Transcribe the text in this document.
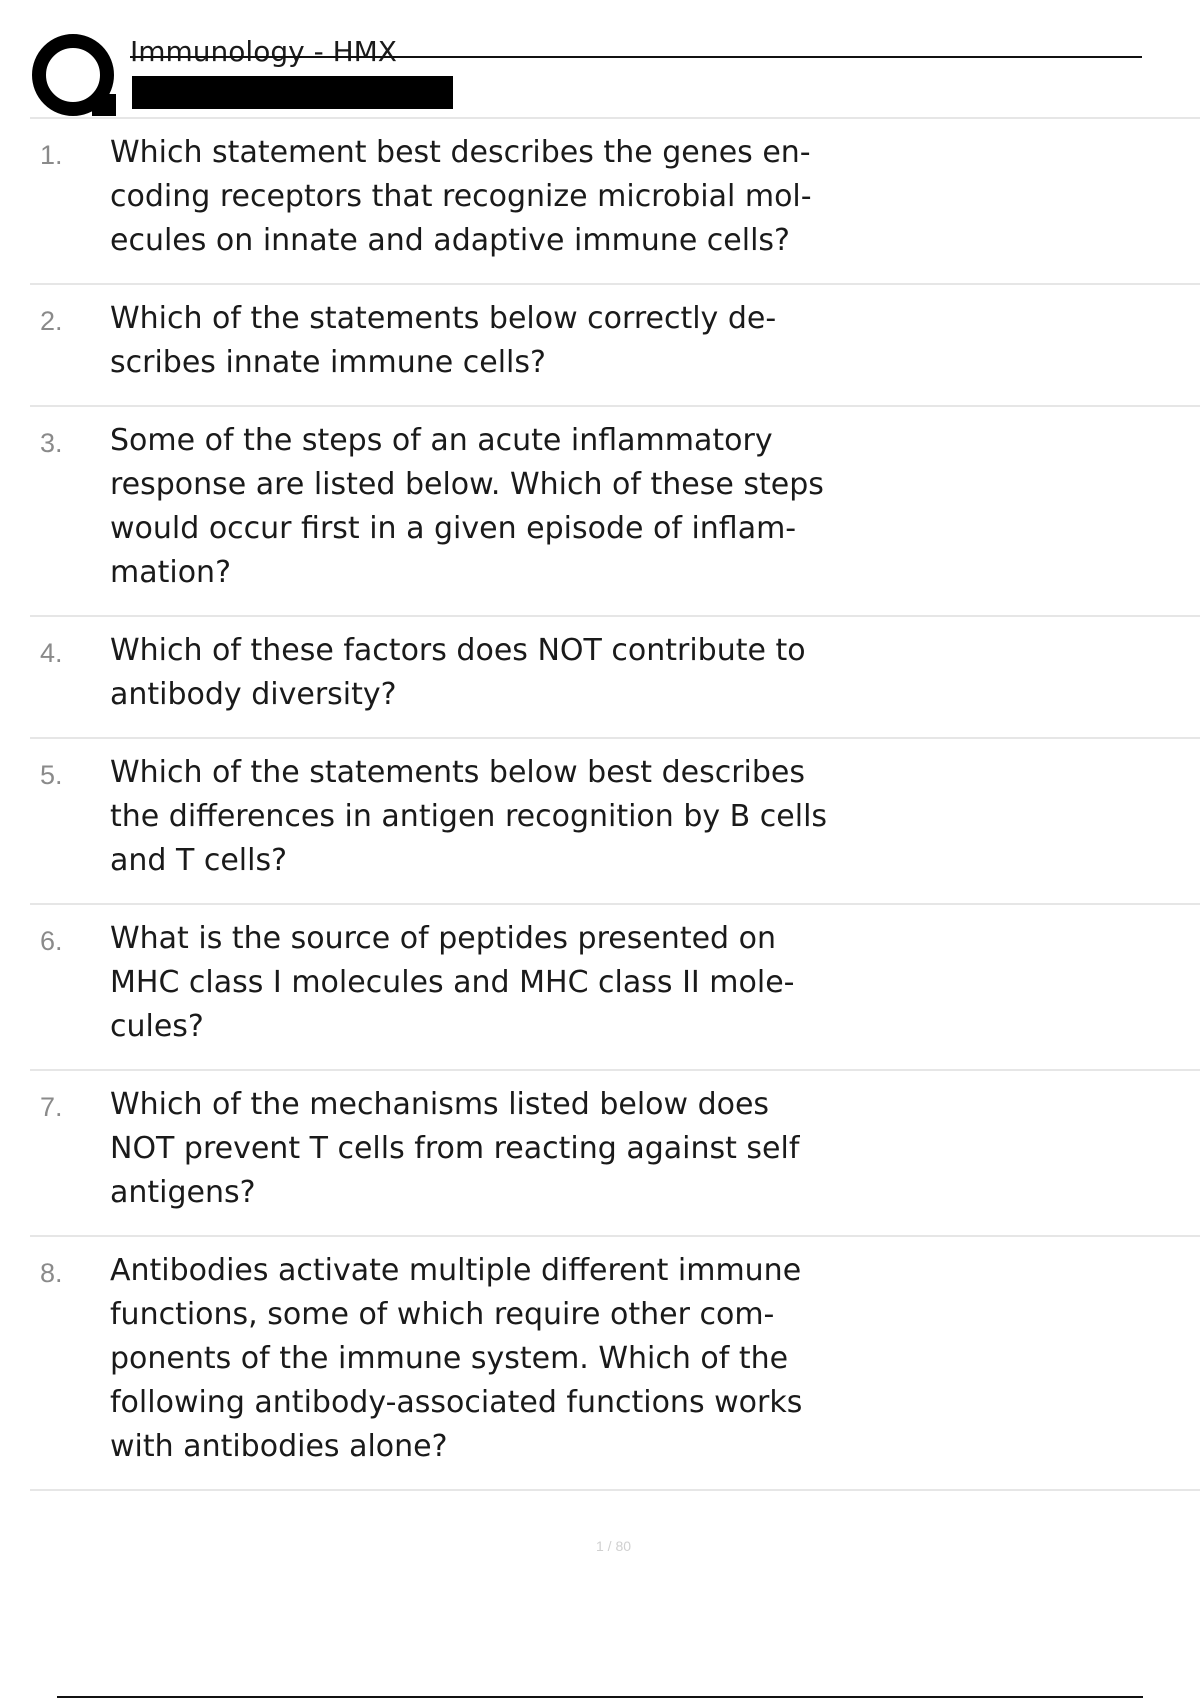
Immunology - HMX
1. Which statement best describes the genes en- coding receptors that recognize microbial mol- ecules on innate and adaptive immune cells?
2. Which of the statements below correctly de- scribes innate immune cells?
3. Some of the steps of an acute inflammatory response are listed below. Which of these steps would occur first in a given episode of inflam- mation?
4. Which of these factors does NOT contribute to antibody diversity?
5. Which of the statements below best describes the differences in antigen recognition by B cells and T cells?
6. What is the source of peptides presented on MHC class I molecules and MHC class II mole- cules?
7. Which of the mechanisms listed below does NOT prevent T cells from reacting against self antigens?
8. Antibodies activate multiple different immune functions, some of which require other com- ponents of the immune system. Which of the following antibody-associated functions works with antibodies alone?
1 / 80
